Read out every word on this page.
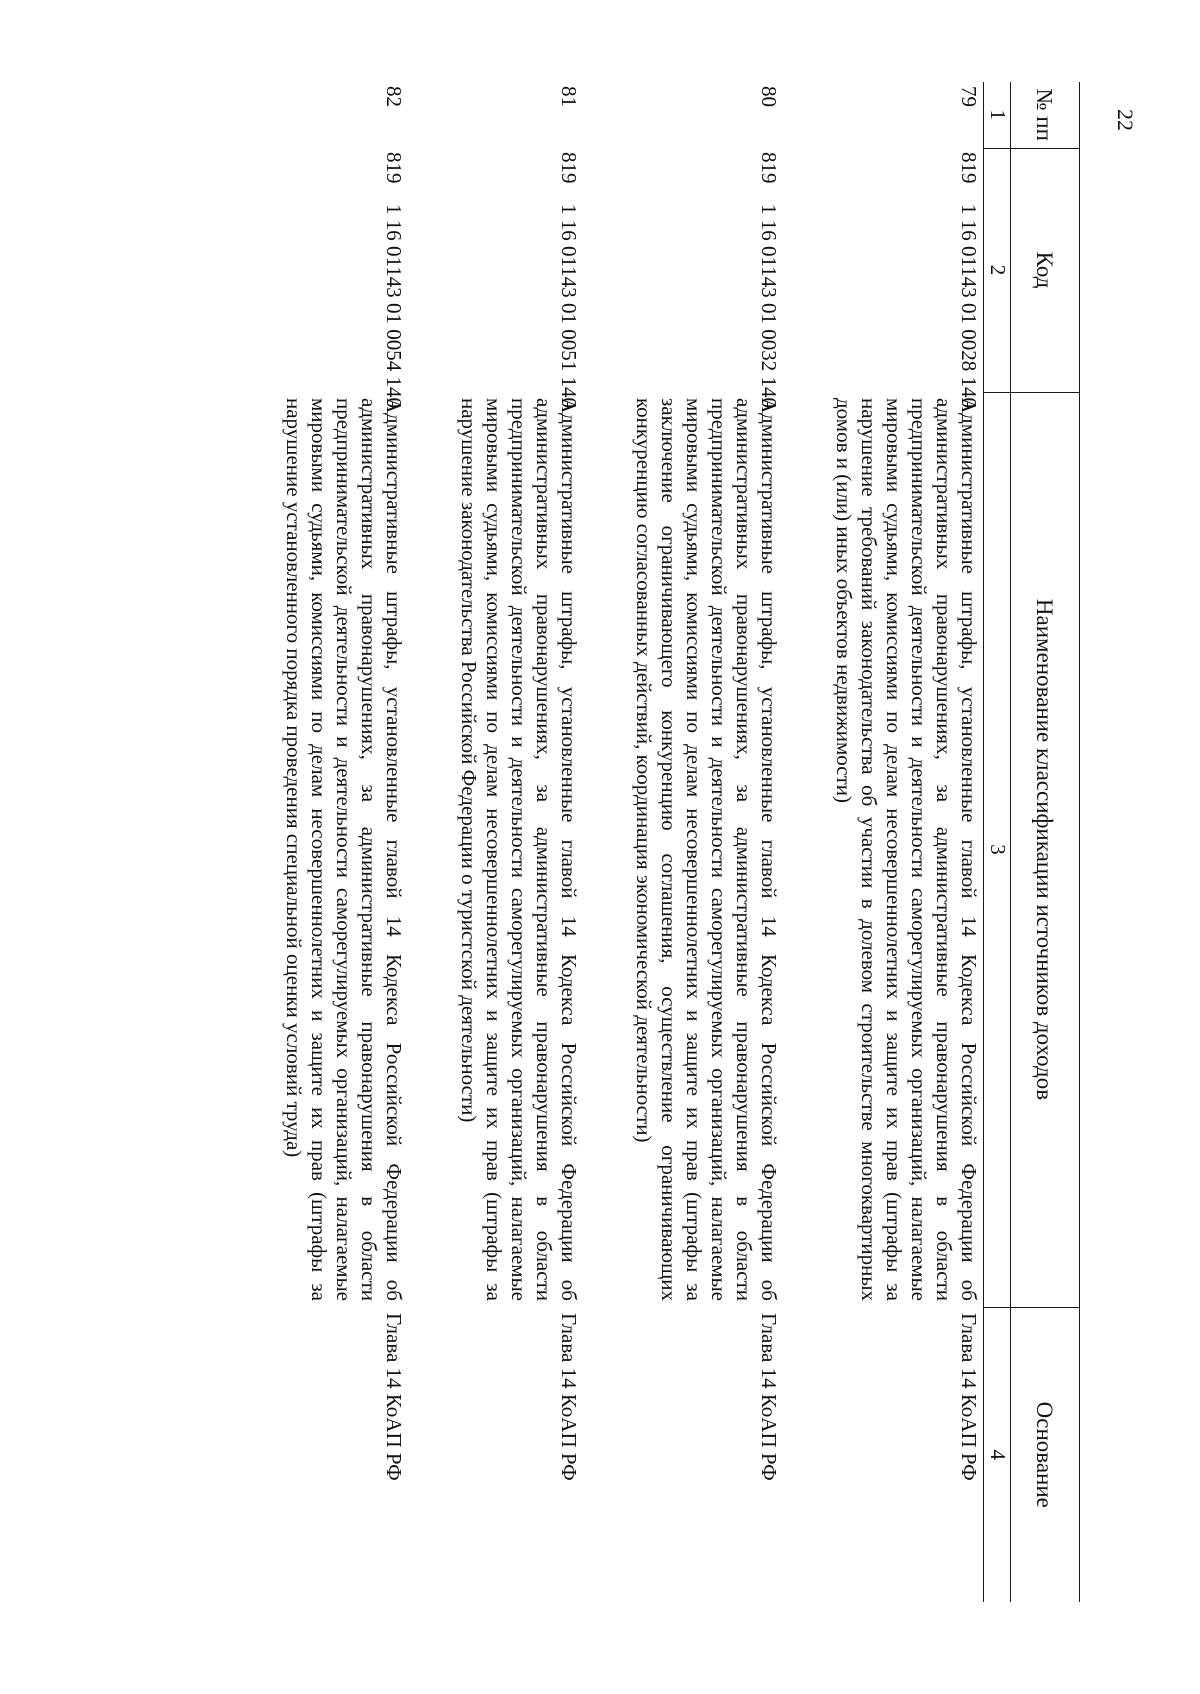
22
№ пп	Код	Наименование классификации источников доходов	Основание
1	2	3	4
79	8191 16 01143 01 0028 140	Административные штрафы, установленные главой 14 Кодекса Российской Федерации об административных правонарушениях, за административные правонарушения в области предпринимательской деятельности и деятельности саморегулируемых организаций, налагаемые мировыми судьями, комиссиями по делам несовершеннолетних и защите их прав (штрафы за нарушение требований законодательства об участии в долевом строительстве многоквартирных домов и (или) иных объектов недвижимости)	Глава 14 КоАП РФ
80	8191 16 01143 01 0032 140	Административные штрафы, установленные главой 14 Кодекса Российской Федерации об административных правонарушениях, за административные правонарушения в области предпринимательской деятельности и деятельности саморегулируемых организаций, налагаемые мировыми судьями, комиссиями по делам несовершеннолетних и защите их прав (штрафы за заключение ограничивающего конкуренцию соглашения, осуществление ограничивающих конкуренцию согласованных действий, координация экономической деятельности)	Глава 14 КоАП РФ
81	8191 16 01143 01 0051 140	Административные штрафы, установленные главой 14 Кодекса Российской Федерации об административных правонарушениях, за административные правонарушения в области предпринимательской деятельности и деятельности саморегулируемых организаций, налагаемые мировыми судьями, комиссиями по делам несовершеннолетних и защите их прав (штрафы за нарушение законодательства Российской Федерации о туристской деятельности)	Глава 14 КоАП РФ
82	8191 16 01143 01 0054 140	Административные штрафы, установленные главой 14 Кодекса Российской Федерации об административных правонарушениях, за административные правонарушения в области предпринимательской деятельности и деятельности саморегулируемых организаций, налагаемые мировыми судьями, комиссиями по делам несовершеннолетних и защите их прав (штрафы за нарушение установленного порядка проведения специальной оценки условий труда)	Глава 14 КоАП РФ
